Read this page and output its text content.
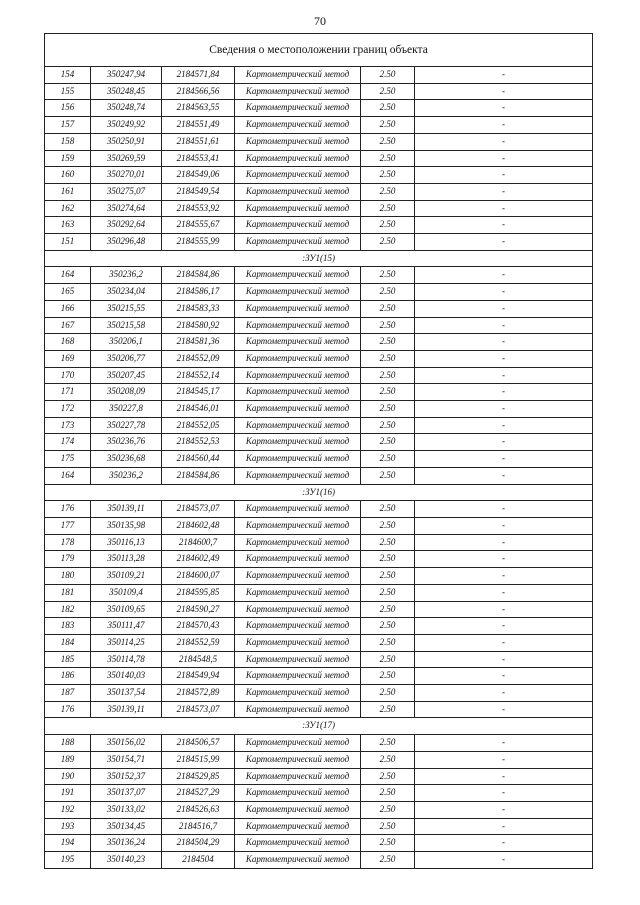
70
Сведения о местоположении границ объекта					
154	350247,94	2184571,84	Картометрический метод	2.50	-
155	350248,45	2184566,56	Картометрический метод	2.50	-
156	350248,74	2184563,55	Картометрический метод	2.50	-
157	350249,92	2184551,49	Картометрический метод	2.50	-
158	350250,91	2184551,61	Картометрический метод	2.50	-
159	350269,59	2184553,41	Картометрический метод	2.50	-
160	350270,01	2184549,06	Картометрический метод	2.50	-
161	350275,07	2184549,54	Картометрический метод	2.50	-
162	350274,64	2184553,92	Картометрический метод	2.50	-
163	350292,64	2184555,67	Картометрический метод	2.50	-
151	350296,48	2184555,99	Картометрический метод	2.50	-
:ЗУ1(15)					
164	350236,2	2184584,86	Картометрический метод	2.50	-
165	350234,04	2184586,17	Картометрический метод	2.50	-
166	350215,55	2184583,33	Картометрический метод	2.50	-
167	350215,58	2184580,92	Картометрический метод	2.50	-
168	350206,1	2184581,36	Картометрический метод	2.50	-
169	350206,77	2184552,09	Картометрический метод	2.50	-
170	350207,45	2184552,14	Картометрический метод	2.50	-
171	350208,09	2184545,17	Картометрический метод	2.50	-
172	350227,8	2184546,01	Картометрический метод	2.50	-
173	350227,78	2184552,05	Картометрический метод	2.50	-
174	350236,76	2184552,53	Картометрический метод	2.50	-
175	350236,68	2184560,44	Картометрический метод	2.50	-
164	350236,2	2184584,86	Картометрический метод	2.50	-
:ЗУ1(16)					
176	350139,11	2184573,07	Картометрический метод	2.50	-
177	350135,98	2184602,48	Картометрический метод	2.50	-
178	350116,13	2184600,7	Картометрический метод	2.50	-
179	350113,28	2184602,49	Картометрический метод	2.50	-
180	350109,21	2184600,07	Картометрический метод	2.50	-
181	350109,4	2184595,85	Картометрический метод	2.50	-
182	350109,65	2184590,27	Картометрический метод	2.50	-
183	350111,47	2184570,43	Картометрический метод	2.50	-
184	350114,25	2184552,59	Картометрический метод	2.50	-
185	350114,78	2184548,5	Картометрический метод	2.50	-
186	350140,03	2184549,94	Картометрический метод	2.50	-
187	350137,54	2184572,89	Картометрический метод	2.50	-
176	350139,11	2184573,07	Картометрический метод	2.50	-
:ЗУ1(17)					
188	350156,02	2184506,57	Картометрический метод	2.50	-
189	350154,71	2184515,99	Картометрический метод	2.50	-
190	350152,37	2184529,85	Картометрический метод	2.50	-
191	350137,07	2184527,29	Картометрический метод	2.50	-
192	350133,02	2184526,63	Картометрический метод	2.50	-
193	350134,45	2184516,7	Картометрический метод	2.50	-
194	350136,24	2184504,29	Картометрический метод	2.50	-
195	350140,23	2184504	Картометрический метод	2.50	-
